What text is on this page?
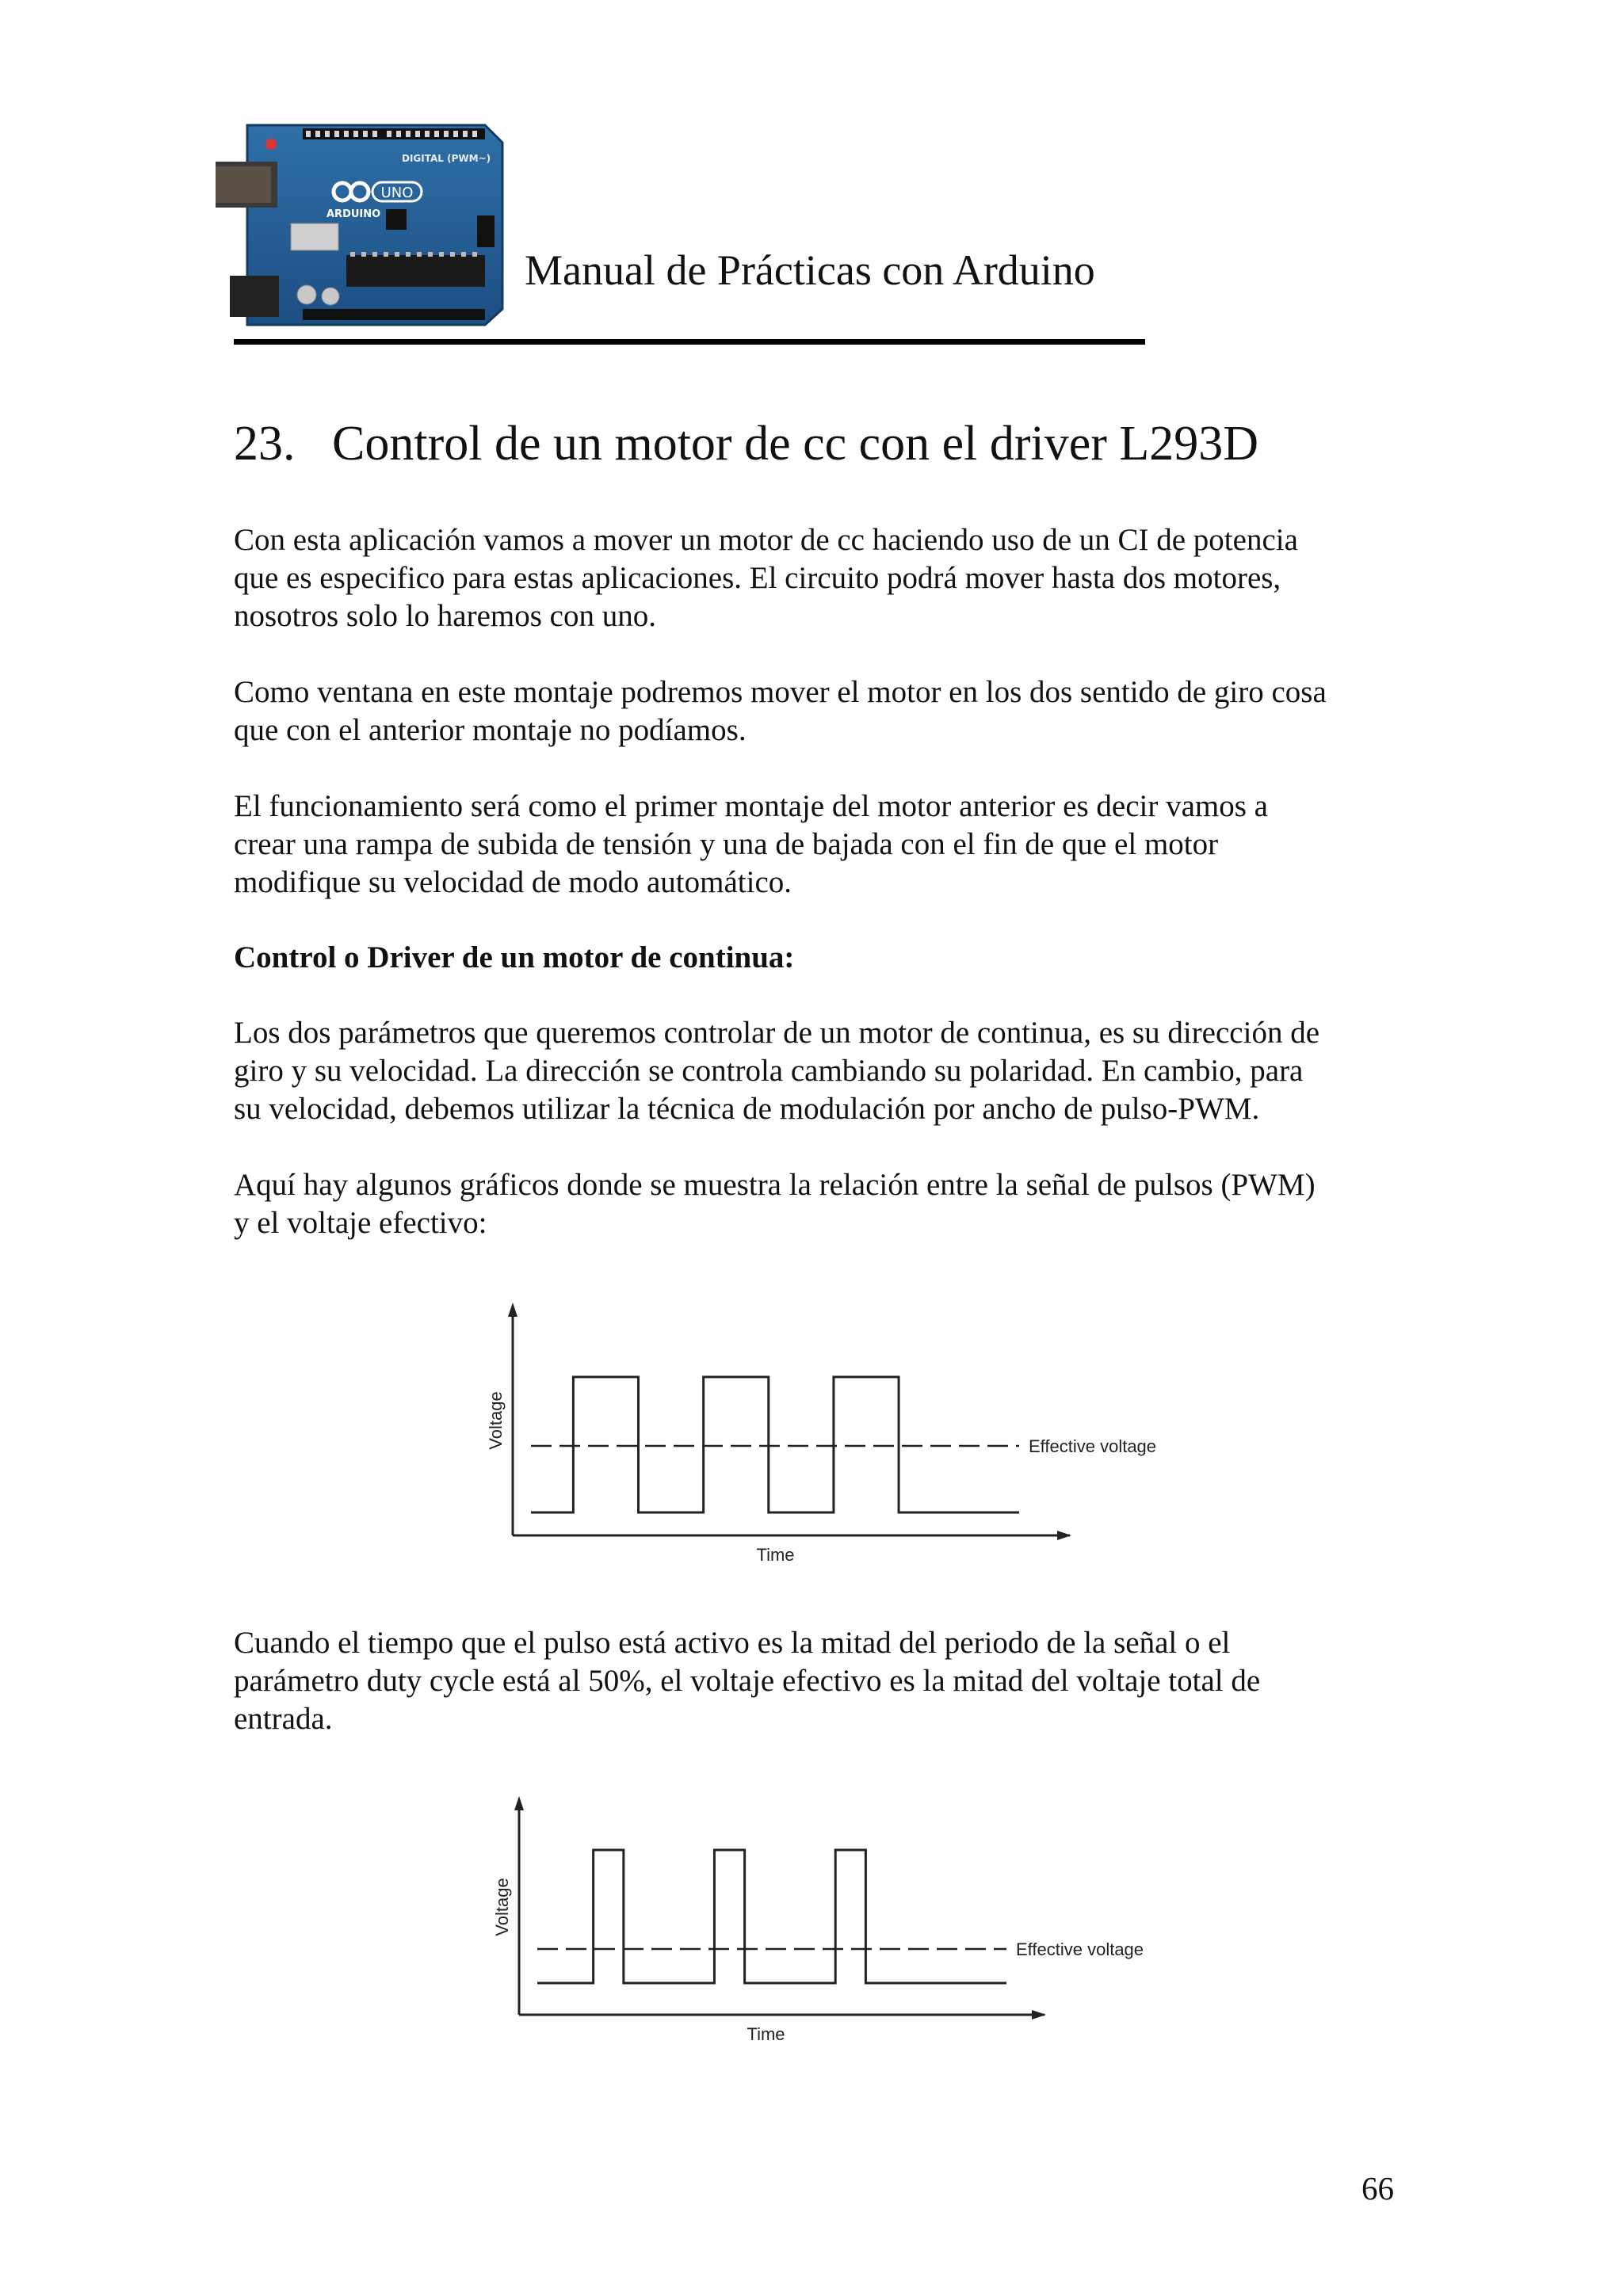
DIGITAL (PWM~)
UNO
ARDUINO
Manual de Prácticas con Arduino
23. Control de un motor de cc con el driver L293D

Con esta aplicación vamos a mover un motor de cc haciendo uso de un CI de potencia
que es especifico para estas aplicaciones. El circuito podrá mover hasta dos motores,
nosotros solo lo haremos con uno.

Como ventana en este montaje podremos mover el motor en los dos sentido de giro cosa
que con el anterior montaje no podíamos.

El funcionamiento será como el primer montaje del motor anterior es decir vamos a
crear una rampa de subida de tensión y una de bajada con el fin de que el motor
modifique su velocidad de modo automático.

Control o Driver de un motor de continua:

Los dos parámetros que queremos controlar de un motor de continua, es su dirección de
giro y su velocidad. La dirección se controla cambiando su polaridad. En cambio, para
su velocidad, debemos utilizar la técnica de modulación por ancho de pulso-PWM.

Aquí hay algunos gráficos donde se muestra la relación entre la señal de pulsos (PWM)
y el voltaje efectivo:

Effective voltage
Voltage
Time

Cuando el tiempo que el pulso está activo es la mitad del periodo de la señal o el
parámetro duty cycle está al 50%, el voltaje efectivo es la mitad del voltaje total de
entrada.

Effective voltage
Voltage
Time
66
